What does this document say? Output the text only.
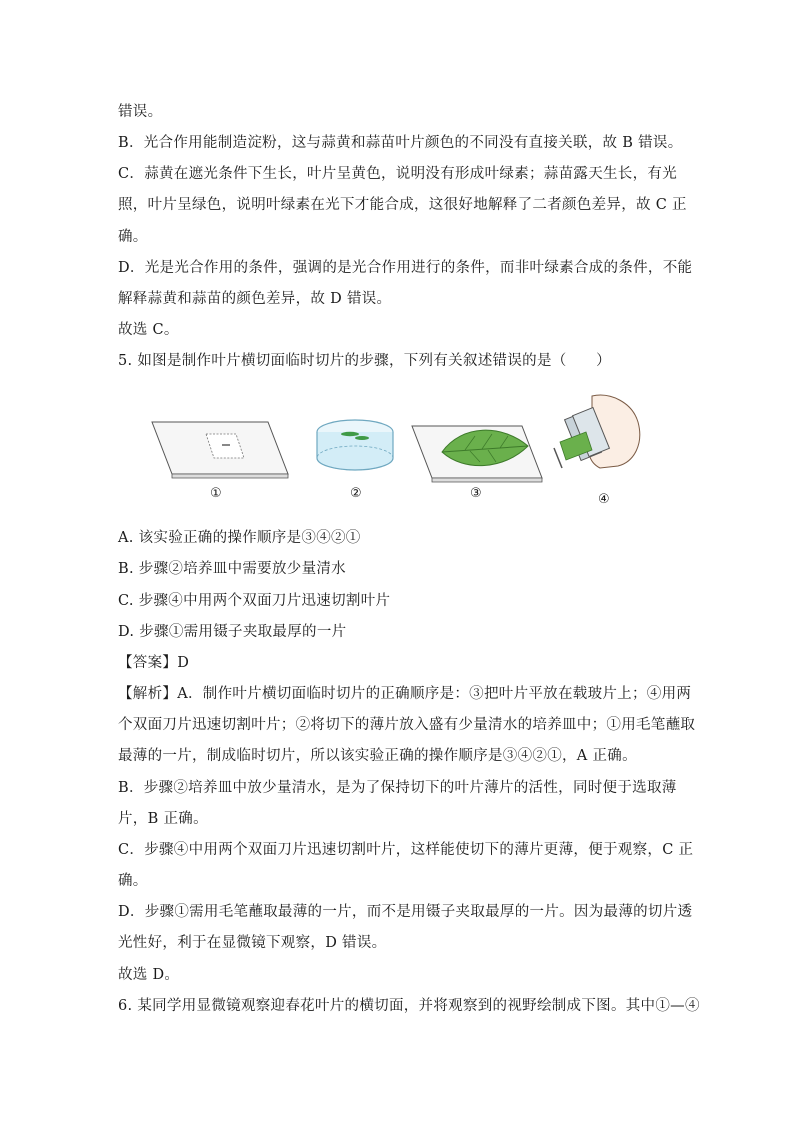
错误。
B．光合作用能制造淀粉，这与蒜黄和蒜苗叶片颜色的不同没有直接关联，故 B 错误。
C．蒜黄在遮光条件下生长，叶片呈黄色，说明没有形成叶绿素；蒜苗露天生长，有光
照，叶片呈绿色，说明叶绿素在光下才能合成，这很好地解释了二者颜色差异，故 C 正
确。
D．光是光合作用的条件，强调的是光合作用进行的条件，而非叶绿素合成的条件，不能
解释蒜黄和蒜苗的颜色差异，故 D 错误。
故选 C。
5. 如图是制作叶片横切面临时切片的步骤，下列有关叙述错误的是（　　）
①	②	③	④
A. 该实验正确的操作顺序是③④②①
B. 步骤②培养皿中需要放少量清水
C. 步骤④中用两个双面刀片迅速切割叶片
D. 步骤①需用镊子夹取最厚的一片
【答案】D
【解析】A．制作叶片横切面临时切片的正确顺序是：③把叶片平放在载玻片上；④用两
个双面刀片迅速切割叶片；②将切下的薄片放入盛有少量清水的培养皿中；①用毛笔蘸取
最薄的一片，制成临时切片，所以该实验正确的操作顺序是③④②①，A 正确。
B．步骤②培养皿中放少量清水，是为了保持切下的叶片薄片的活性，同时便于选取薄
片，B 正确。
C．步骤④中用两个双面刀片迅速切割叶片，这样能使切下的薄片更薄，便于观察，C 正
确。
D．步骤①需用毛笔蘸取最薄的一片，而不是用镊子夹取最厚的一片。因为最薄的切片透
光性好，利于在显微镜下观察，D 错误。
故选 D。
6. 某同学用显微镜观察迎春花叶片的横切面，并将观察到的视野绘制成下图。其中①—④
